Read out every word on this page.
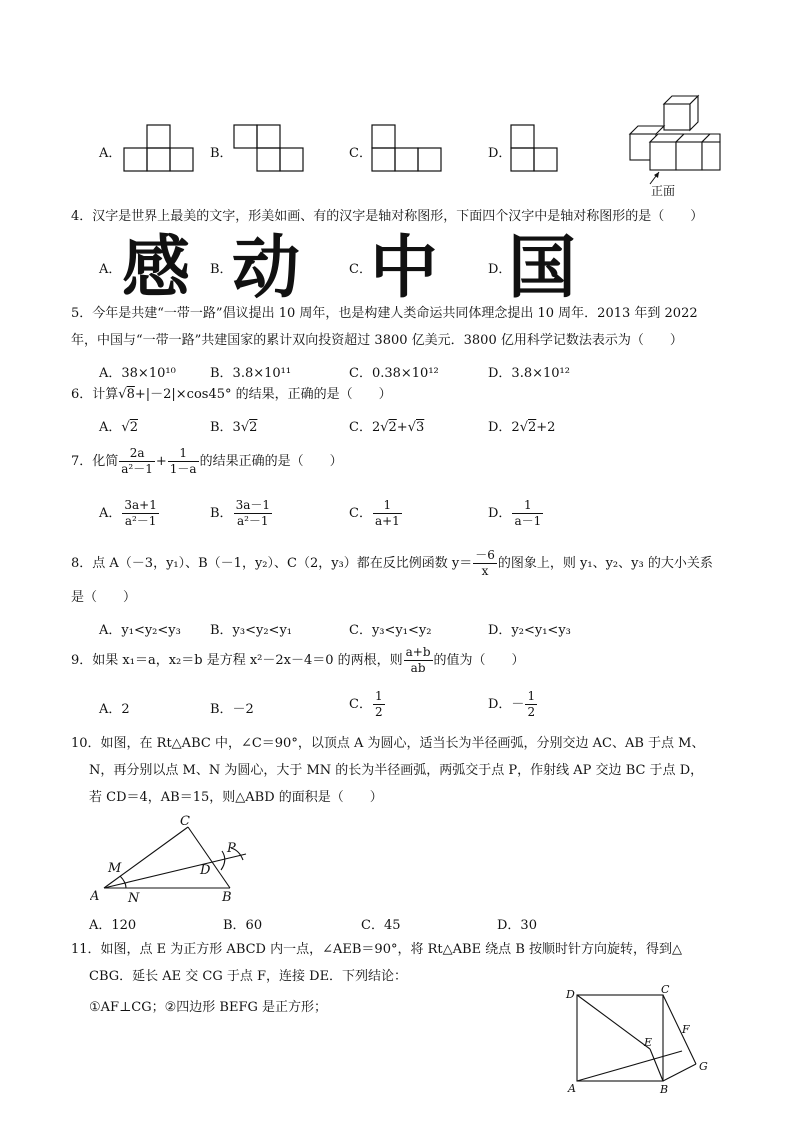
A．	B．	C．	D．
正面
4．汉字是世界上最美的文字，形美如画、有的汉字是轴对称图形，下面四个汉字中是轴对称图形的是（　　）
A． 感 B． 动	C．
中	D．
国
5．今年是共建“一带一路”倡议提出 10 周年，也是构建人类命运共同体理念提出 10 周年．2013 年到 2022
年，中国与“一带一路”共建国家的累计双向投资超过 3800 亿美元．3800 亿用科学记数法表示为（　　）
A．38×10¹⁰	B．3.8×10¹¹	C．0.38×10¹²	D．3.8×10¹²
6．计算√8+|－2|×cos45° 的结果，正确的是（　　）
A．√2	B．3√2	C．2√2+√3	D．2√2+2
7．化简 $\frac{2a}{\text{a²－1}} + \frac{1}{1-a}$ 的结果正确的是（　　）
A． $\frac{3a+1}{\text{a²－1}}$	B． $\frac{3a-1}{\text{a²－1}}$	C． $\frac{1}{a+1}$	D． $\frac{1}{a-1}$
8．点 A（－3，y₁）、B（－1，y₂）、C（2，y₃）都在反比例函数 $y= \frac{-6}{x}$ 的图象上，则 y₁、y₂、y₃ 的大小关系
是（　　）
A．y₁<y₂<y₃ B．y₃<y₂<y₁	C．y₃<y₁<y₂	D．y₂<y₁<y₃
9．如果 x₁＝a，x₂＝b 是方程 x²－2x－4＝0 的两根，则 $\frac{a+b}{ab}$ 的值为（　　）
A．2	B．－2	C． $\frac{1}{2}$	D．－ $\frac{1}{2}$
10．如图，在 Rt△ABC 中，∠C＝90°，以顶点 A 为圆心，适当长为半径画弧，分别交边 AC、AB 于点 M、
N，再分别以点 M、N 为圆心，大于 MN 的长为半径画弧，两弧交于点 P，作射线 AP 交边 BC 于点 D，
若 CD＝4，AB＝15，则△ABD 的面积是（　　）
A	B
C
D
M
N
P
A．120	B．60	C．45	D．30
11．如图，点 E 为正方形 ABCD 内一点，∠AEB＝90°，将 Rt△ABE 绕点 B 按顺时针方向旋转，得到△
CBG．延长 AE 交 CG 于点 F，连接 DE．下列结论：
①AF⊥CG；②四边形 BEFG 是正方形；
A	B
C
D
E
F
G
